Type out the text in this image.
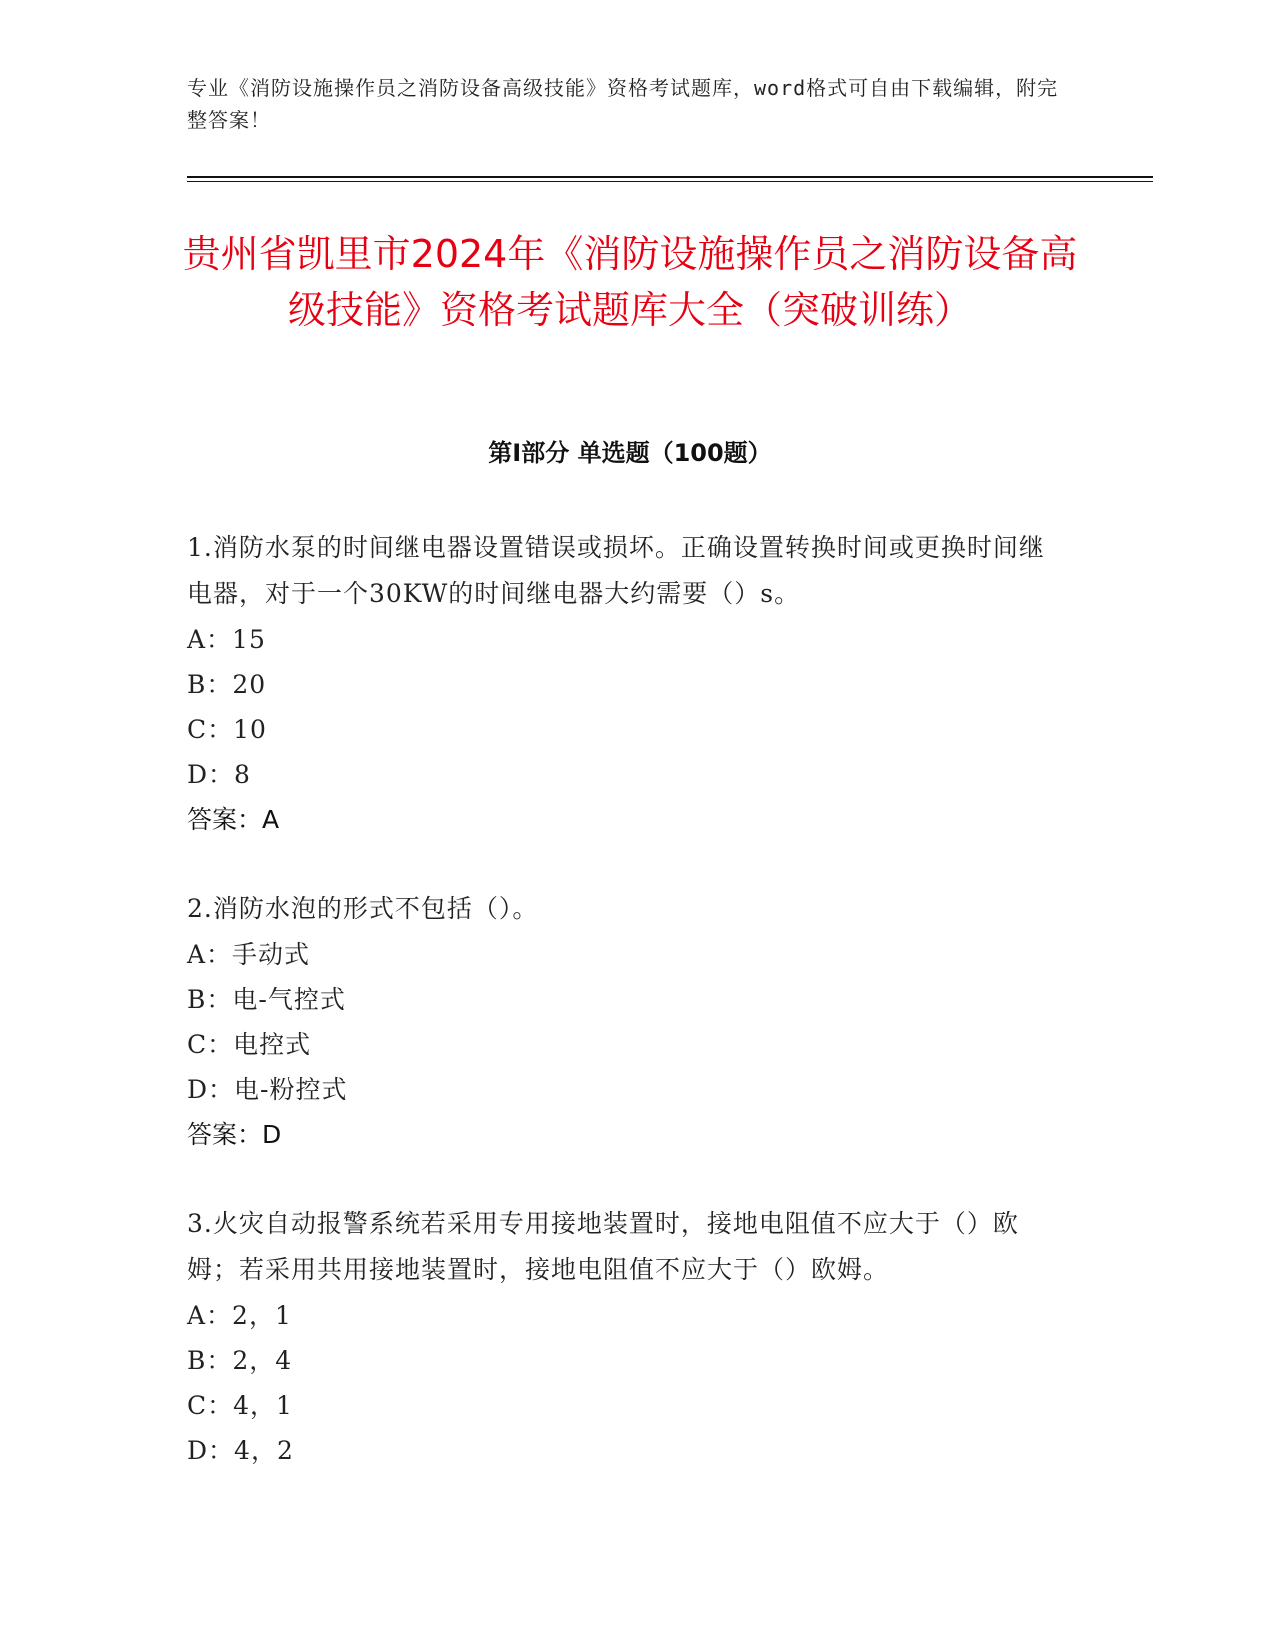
专业《消防设施操作员之消防设备高级技能》资格考试题库，word格式可自由下载编辑，附完整答案！
贵州省凯里市2024年《消防设施操作员之消防设备高级技能》资格考试题库大全（突破训练）
第Ⅰ部分 单选题（100题）

1.消防水泵的时间继电器设置错误或损坏。正确设置转换时间或更换时间继电器，对于一个30KW的时间继电器大约需要（）s。

A：15

B：20

C：10

D：8

答案：A

2.消防水泡的形式不包括（）。

A：手动式

B：电-气控式

C：电控式

D：电-粉控式

答案：D

3.火灾自动报警系统若采用专用接地装置时，接地电阻值不应大于（）欧姆；若采用共用接地装置时，接地电阻值不应大于（）欧姆。

A：2，1

B：2，4

C：4，1

D：4，2
